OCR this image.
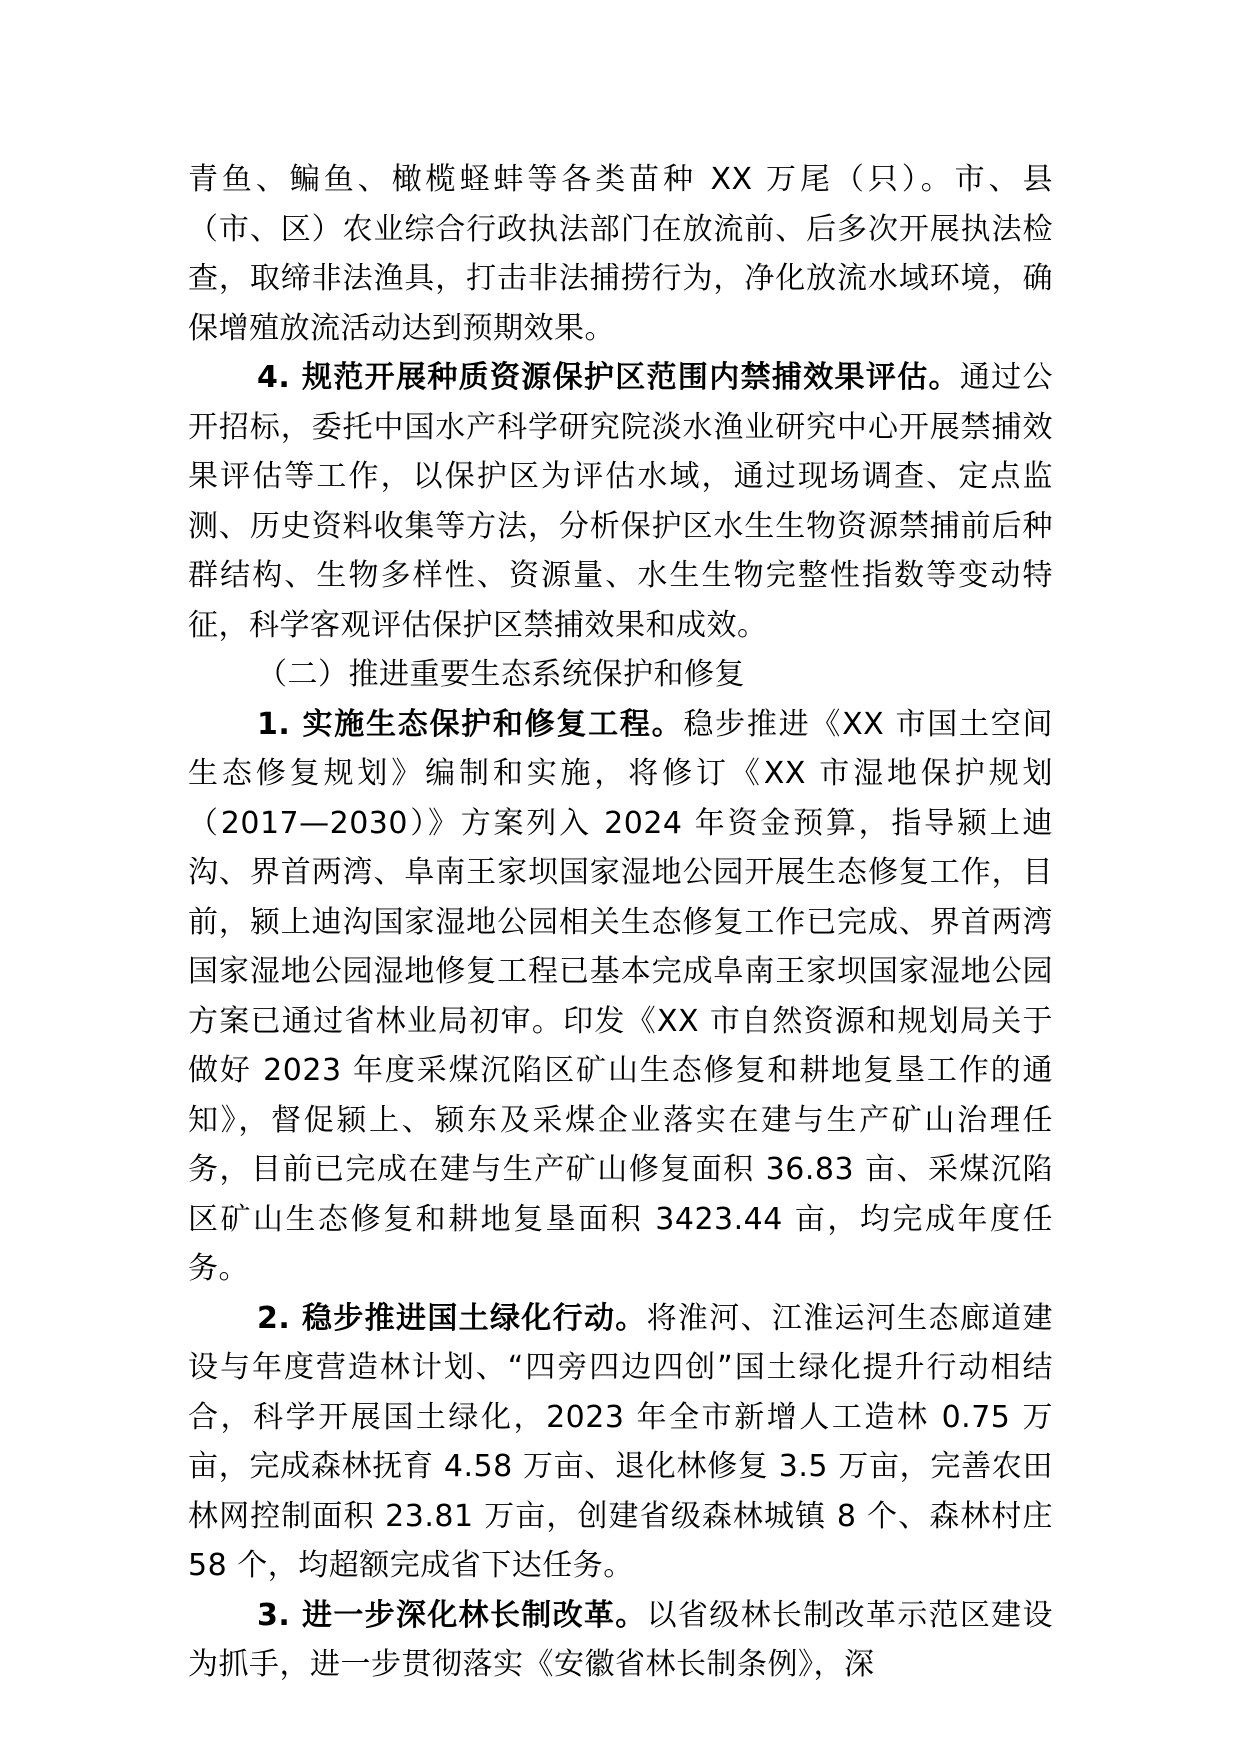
青鱼、鳊鱼、橄榄蛏蚌等各类苗种 XX 万尾（只）。市、县（市、区）农业综合行政执法部门在放流前、后多次开展执法检查，取缔非法渔具，打击非法捕捞行为，净化放流水域环境，确保增殖放流活动达到预期效果。

4. 规范开展种质资源保护区范围内禁捕效果评估。通过公开招标，委托中国水产科学研究院淡水渔业研究中心开展禁捕效果评估等工作，以保护区为评估水域，通过现场调查、定点监测、历史资料收集等方法，分析保护区水生生物资源禁捕前后种群结构、生物多样性、资源量、水生生物完整性指数等变动特征，科学客观评估保护区禁捕效果和成效。

（二）推进重要生态系统保护和修复

1. 实施生态保护和修复工程。稳步推进《XX 市国土空间生态修复规划》编制和实施，将修订《XX 市湿地保护规划（2017—2030）》方案列入 2024 年资金预算，指导颍上迪沟、界首两湾、阜南王家坝国家湿地公园开展生态修复工作，目前，颍上迪沟国家湿地公园相关生态修复工作已完成、界首两湾国家湿地公园湿地修复工程已基本完成阜南王家坝国家湿地公园方案已通过省林业局初审。印发《XX 市自然资源和规划局关于做好 2023 年度采煤沉陷区矿山生态修复和耕地复垦工作的通知》，督促颍上、颍东及采煤企业落实在建与生产矿山治理任务，目前已完成在建与生产矿山修复面积 36.83 亩、采煤沉陷区矿山生态修复和耕地复垦面积 3423.44 亩，均完成年度任务。

2. 稳步推进国土绿化行动。将淮河、江淮运河生态廊道建设与年度营造林计划、“四旁四边四创”国土绿化提升行动相结合，科学开展国土绿化，2023 年全市新增人工造林 0.75 万亩，完成森林抚育 4.58 万亩、退化林修复 3.5 万亩，完善农田林网控制面积 23.81 万亩，创建省级森林城镇 8 个、森林村庄 58 个，均超额完成省下达任务。

3. 进一步深化林长制改革。以省级林长制改革示范区建设为抓手，进一步贯彻落实《安徽省林长制条例》，深
